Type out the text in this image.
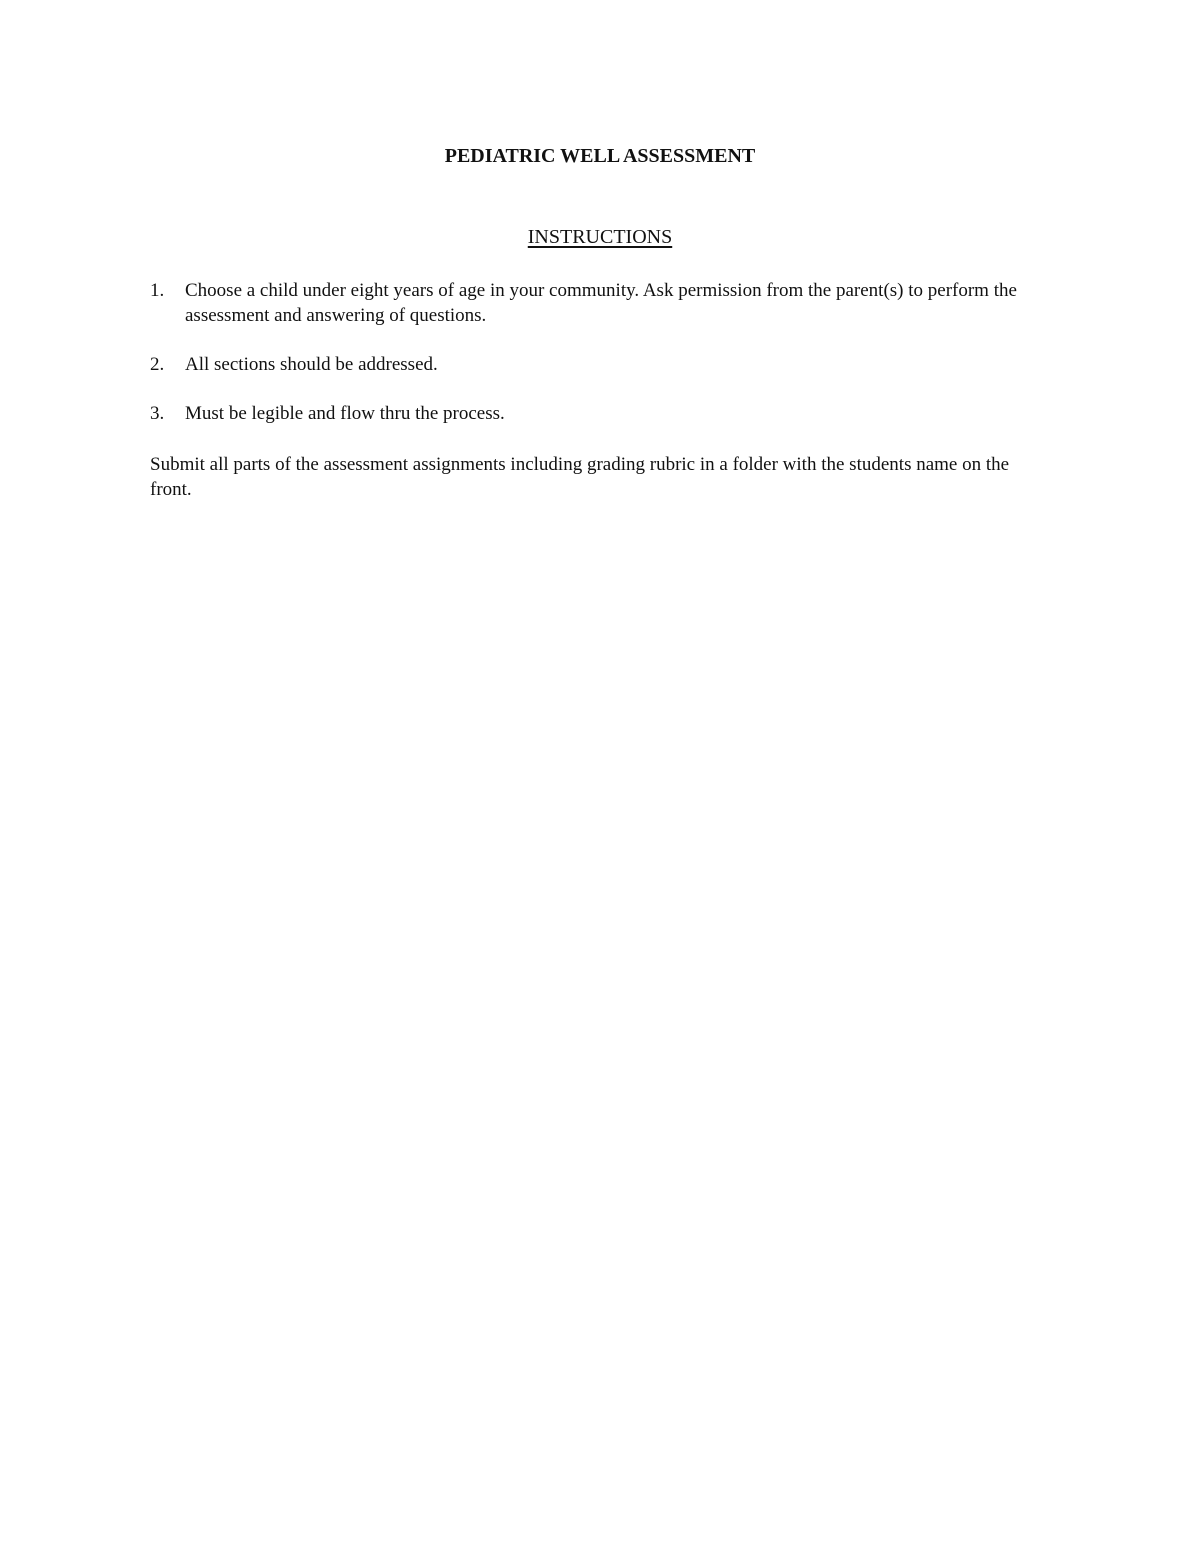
PEDIATRIC WELL ASSESSMENT
INSTRUCTIONS
1. Choose a child under eight years of age in your community. Ask permission from the parent(s) to perform the assessment and answering of questions.
2. All sections should be addressed.
3. Must be legible and flow thru the process.

Submit all parts of the assessment assignments including grading rubric in a folder with the students name on the front.
